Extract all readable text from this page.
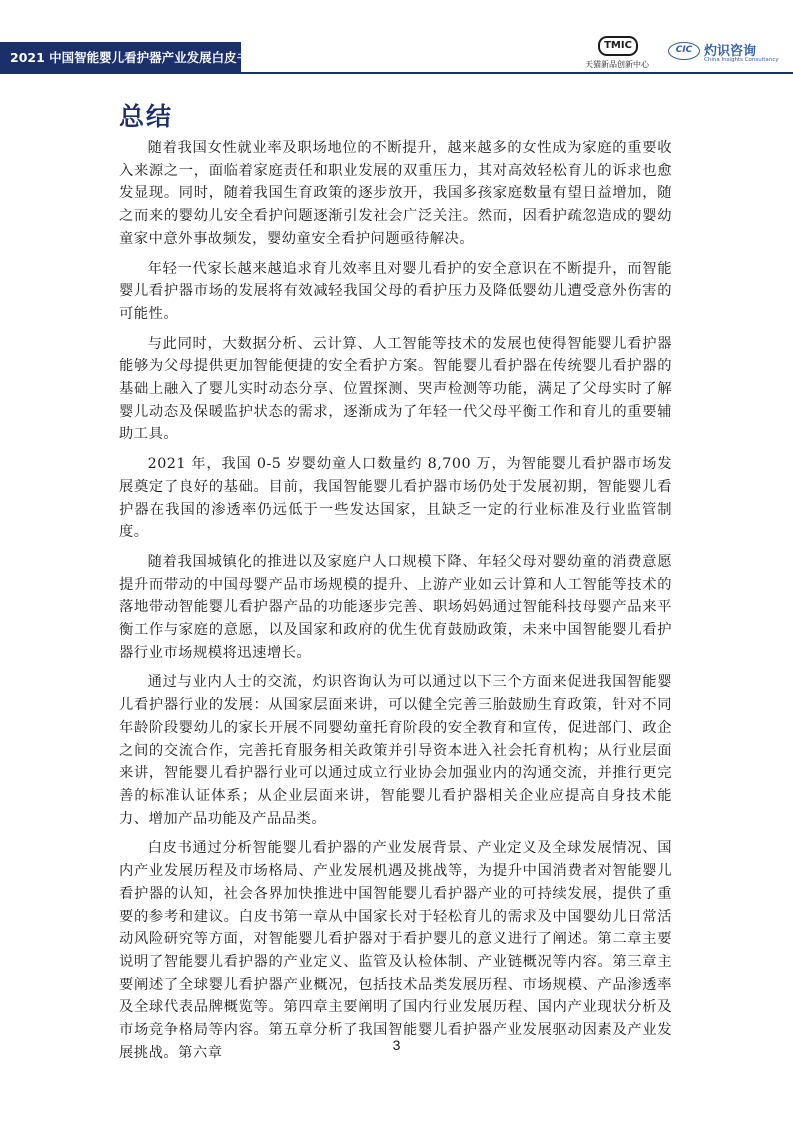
2021 中国智能婴儿看护器产业发展白皮书
TMIC
天猫新品创新中心
CIC 灼识咨询
China Insights Consultancy
总结

随着我国女性就业率及职场地位的不断提升，越来越多的女性成为家庭的重要收入来源之一，面临着家庭责任和职业发展的双重压力，其对高效轻松育儿的诉求也愈发显现。同时，随着我国生育政策的逐步放开，我国多孩家庭数量有望日益增加，随之而来的婴幼儿安全看护问题逐渐引发社会广泛关注。然而，因看护疏忽造成的婴幼童家中意外事故频发，婴幼童安全看护问题亟待解决。

年轻一代家长越来越追求育儿效率且对婴儿看护的安全意识在不断提升，而智能婴儿看护器市场的发展将有效减轻我国父母的看护压力及降低婴幼儿遭受意外伤害的可能性。

与此同时，大数据分析、云计算、人工智能等技术的发展也使得智能婴儿看护器能够为父母提供更加智能便捷的安全看护方案。智能婴儿看护器在传统婴儿看护器的基础上融入了婴儿实时动态分享、位置探测、哭声检测等功能，满足了父母实时了解婴儿动态及保暖监护状态的需求，逐渐成为了年轻一代父母平衡工作和育儿的重要辅助工具。

2021 年，我国 0-5 岁婴幼童人口数量约 8,700 万，为智能婴儿看护器市场发展奠定了良好的基础。目前，我国智能婴儿看护器市场仍处于发展初期，智能婴儿看护器在我国的渗透率仍远低于一些发达国家，且缺乏一定的行业标准及行业监管制度。

随着我国城镇化的推进以及家庭户人口规模下降、年轻父母对婴幼童的消费意愿提升而带动的中国母婴产品市场规模的提升、上游产业如云计算和人工智能等技术的落地带动智能婴儿看护器产品的功能逐步完善、职场妈妈通过智能科技母婴产品来平衡工作与家庭的意愿，以及国家和政府的优生优育鼓励政策，未来中国智能婴儿看护器行业市场规模将迅速增长。

通过与业内人士的交流，灼识咨询认为可以通过以下三个方面来促进我国智能婴儿看护器行业的发展：从国家层面来讲，可以健全完善三胎鼓励生育政策，针对不同年龄阶段婴幼儿的家长开展不同婴幼童托育阶段的安全教育和宣传，促进部门、政企之间的交流合作，完善托育服务相关政策并引导资本进入社会托育机构；从行业层面来讲，智能婴儿看护器行业可以通过成立行业协会加强业内的沟通交流，并推行更完善的标准认证体系；从企业层面来讲，智能婴儿看护器相关企业应提高自身技术能力、增加产品功能及产品品类。

白皮书通过分析智能婴儿看护器的产业发展背景、产业定义及全球发展情况、国内产业发展历程及市场格局、产业发展机遇及挑战等，为提升中国消费者对智能婴儿看护器的认知，社会各界加快推进中国智能婴儿看护器产业的可持续发展，提供了重要的参考和建议。白皮书第一章从中国家长对于轻松育儿的需求及中国婴幼儿日常活动风险研究等方面，对智能婴儿看护器对于看护婴儿的意义进行了阐述。第二章主要说明了智能婴儿看护器的产业定义、监管及认检体制、产业链概况等内容。第三章主要阐述了全球婴儿看护器产业概况，包括技术品类发展历程、市场规模、产品渗透率及全球代表品牌概览等。第四章主要阐明了国内行业发展历程、国内产业现状分析及市场竞争格局等内容。第五章分析了我国智能婴儿看护器产业发展驱动因素及产业发展挑战。第六章	3
